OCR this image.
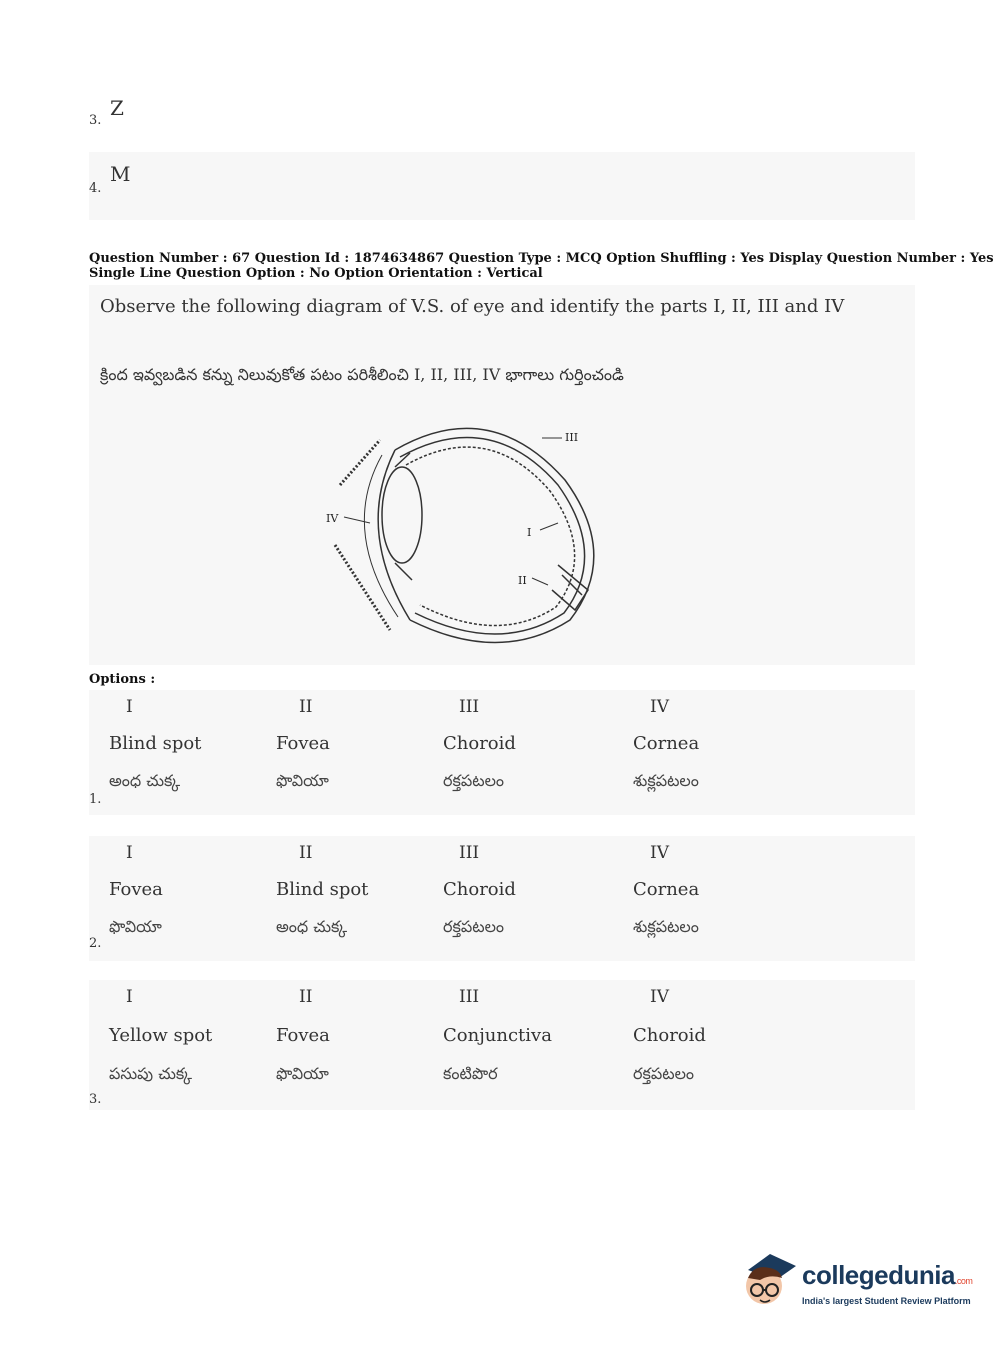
3.
Z
4.
M
Question Number : 67 Question Id : 1874634867 Question Type : MCQ Option Shuffling : Yes Display Question Number : Yes
Single Line Question Option : No Option Orientation : Vertical
Observe the following diagram of V.S. of eye and identify the parts I, II, III and IV
క్రింద ఇవ్వబడిన కన్ను నిలువుకోత పటం పరిశీలించి I, II, III, IV భాగాలు గుర్తించండి
III
IV
I
II
Options :
I	II	III	IV
Blind spot	Fovea	Choroid	Cornea
అంధ చుక్క	ఫొవియా	రక్తపటలం	శుక్లపటలం
1.
I	II	III	IV
Fovea	Blind spot	Choroid	Cornea
ఫొవియా	అంధ చుక్క	రక్తపటలం	శుక్లపటలం
2.
I	II	III	IV
Yellow spot	Fovea	Conjunctiva	Choroid
పసుపు చుక్క	ఫొవియా	కంటిపొర	రక్తపటలం
3.
collegedunia.com
India's largest Student Review Platform
